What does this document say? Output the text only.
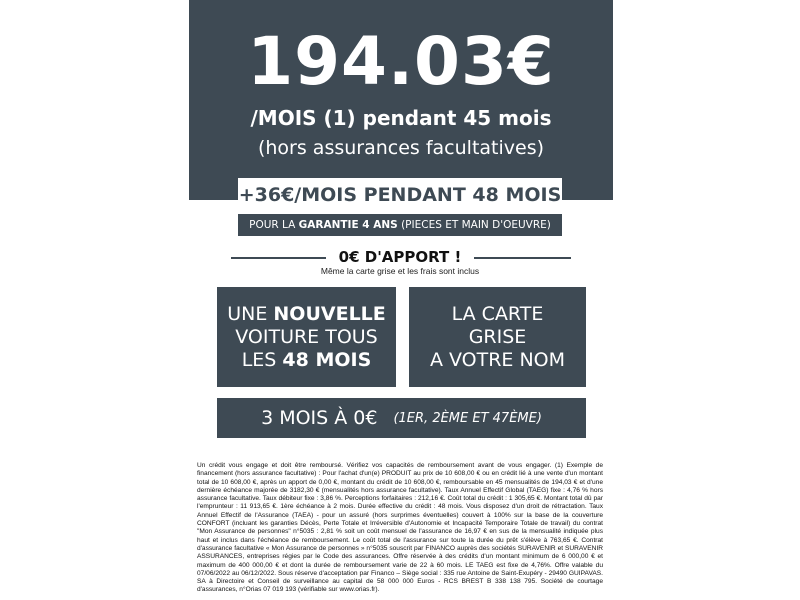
194.03€
/MOIS (1) pendant 45 mois
(hors assurances facultatives)
+36€/MOIS PENDANT 48 MOIS
POUR LA GARANTIE 4 ANS (PIECES ET MAIN D'OEUVRE)
0€ D'APPORT !
Même la carte grise et les frais sont inclus
UNE NOUVELLE
VOITURE TOUS
LES 48 MOIS
LA CARTE
GRISE
A VOTRE NOM
3 MOIS À 0€ (1ER, 2ÈME ET 47ÈME)
Un crédit vous engage et doit être remboursé. Vérifiez vos capacités de remboursement avant de vous engager. (1) Exemple de financement (hors assurance facultative) : Pour l'achat d'un(e) PRODUIT au prix de 10 608,00 € ou en crédit lié à une vente d'un montant total de 10 608,00 €, après un apport de 0,00 €, montant du crédit de 10 608,00 €, remboursable en 45 mensualités de 194,03 € et d'une dernière échéance majorée de 3182,30 € (mensualités hors assurance facultative). Taux Annuel Effectif Global (TAEG) fixe : 4,76 % hors assurance facultative. Taux débiteur fixe : 3,86 %. Perceptions forfaitaires : 212,16 €. Coût total du crédit : 1 305,65 €. Montant total dû par l'emprunteur : 11 913,65 €. 1ère échéance à 2 mois. Durée effective du crédit : 48 mois. Vous disposez d'un droit de rétractation. Taux Annuel Effectif de l'Assurance (TAEA) - pour un assuré (hors surprimes éventuelles) couvert à 100% sur la base de la couverture CONFORT (incluant les garanties Décès, Perte Totale et Irréversible d'Autonomie et Incapacité Temporaire Totale de travail) du contrat "Mon Assurance de personnes" n°5035 : 2,81 % soit un coût mensuel de l'assurance de 16,97 € en sus de la mensualité indiquée plus haut et inclus dans l'échéance de remboursement. Le coût total de l'assurance sur toute la durée du prêt s'élève à 763,65 €. Contrat d'assurance facultative « Mon Assurance de personnes » n°5035 souscrit par FINANCO auprès des sociétés SURAVENIR et SURAVENIR ASSURANCES, entreprises régies par le Code des assurances. Offre réservée à des crédits d'un montant minimum de 6 000,00 € et maximum de 400 000,00 € et dont la durée de remboursement varie de 22 à 60 mois. LE TAEG est fixe de 4,76%. Offre valable du 07/06/2022 au 06/12/2022. Sous réserve d'acceptation par Financo – Siège social : 335 rue Antoine de Saint-Exupéry - 29490 GUIPAVAS. SA à Directoire et Conseil de surveillance au capital de 58 000 000 Euros - RCS BREST B 338 138 795. Société de courtage d'assurances, n°Orias 07 019 193 (vérifiable sur www.orias.fr).
